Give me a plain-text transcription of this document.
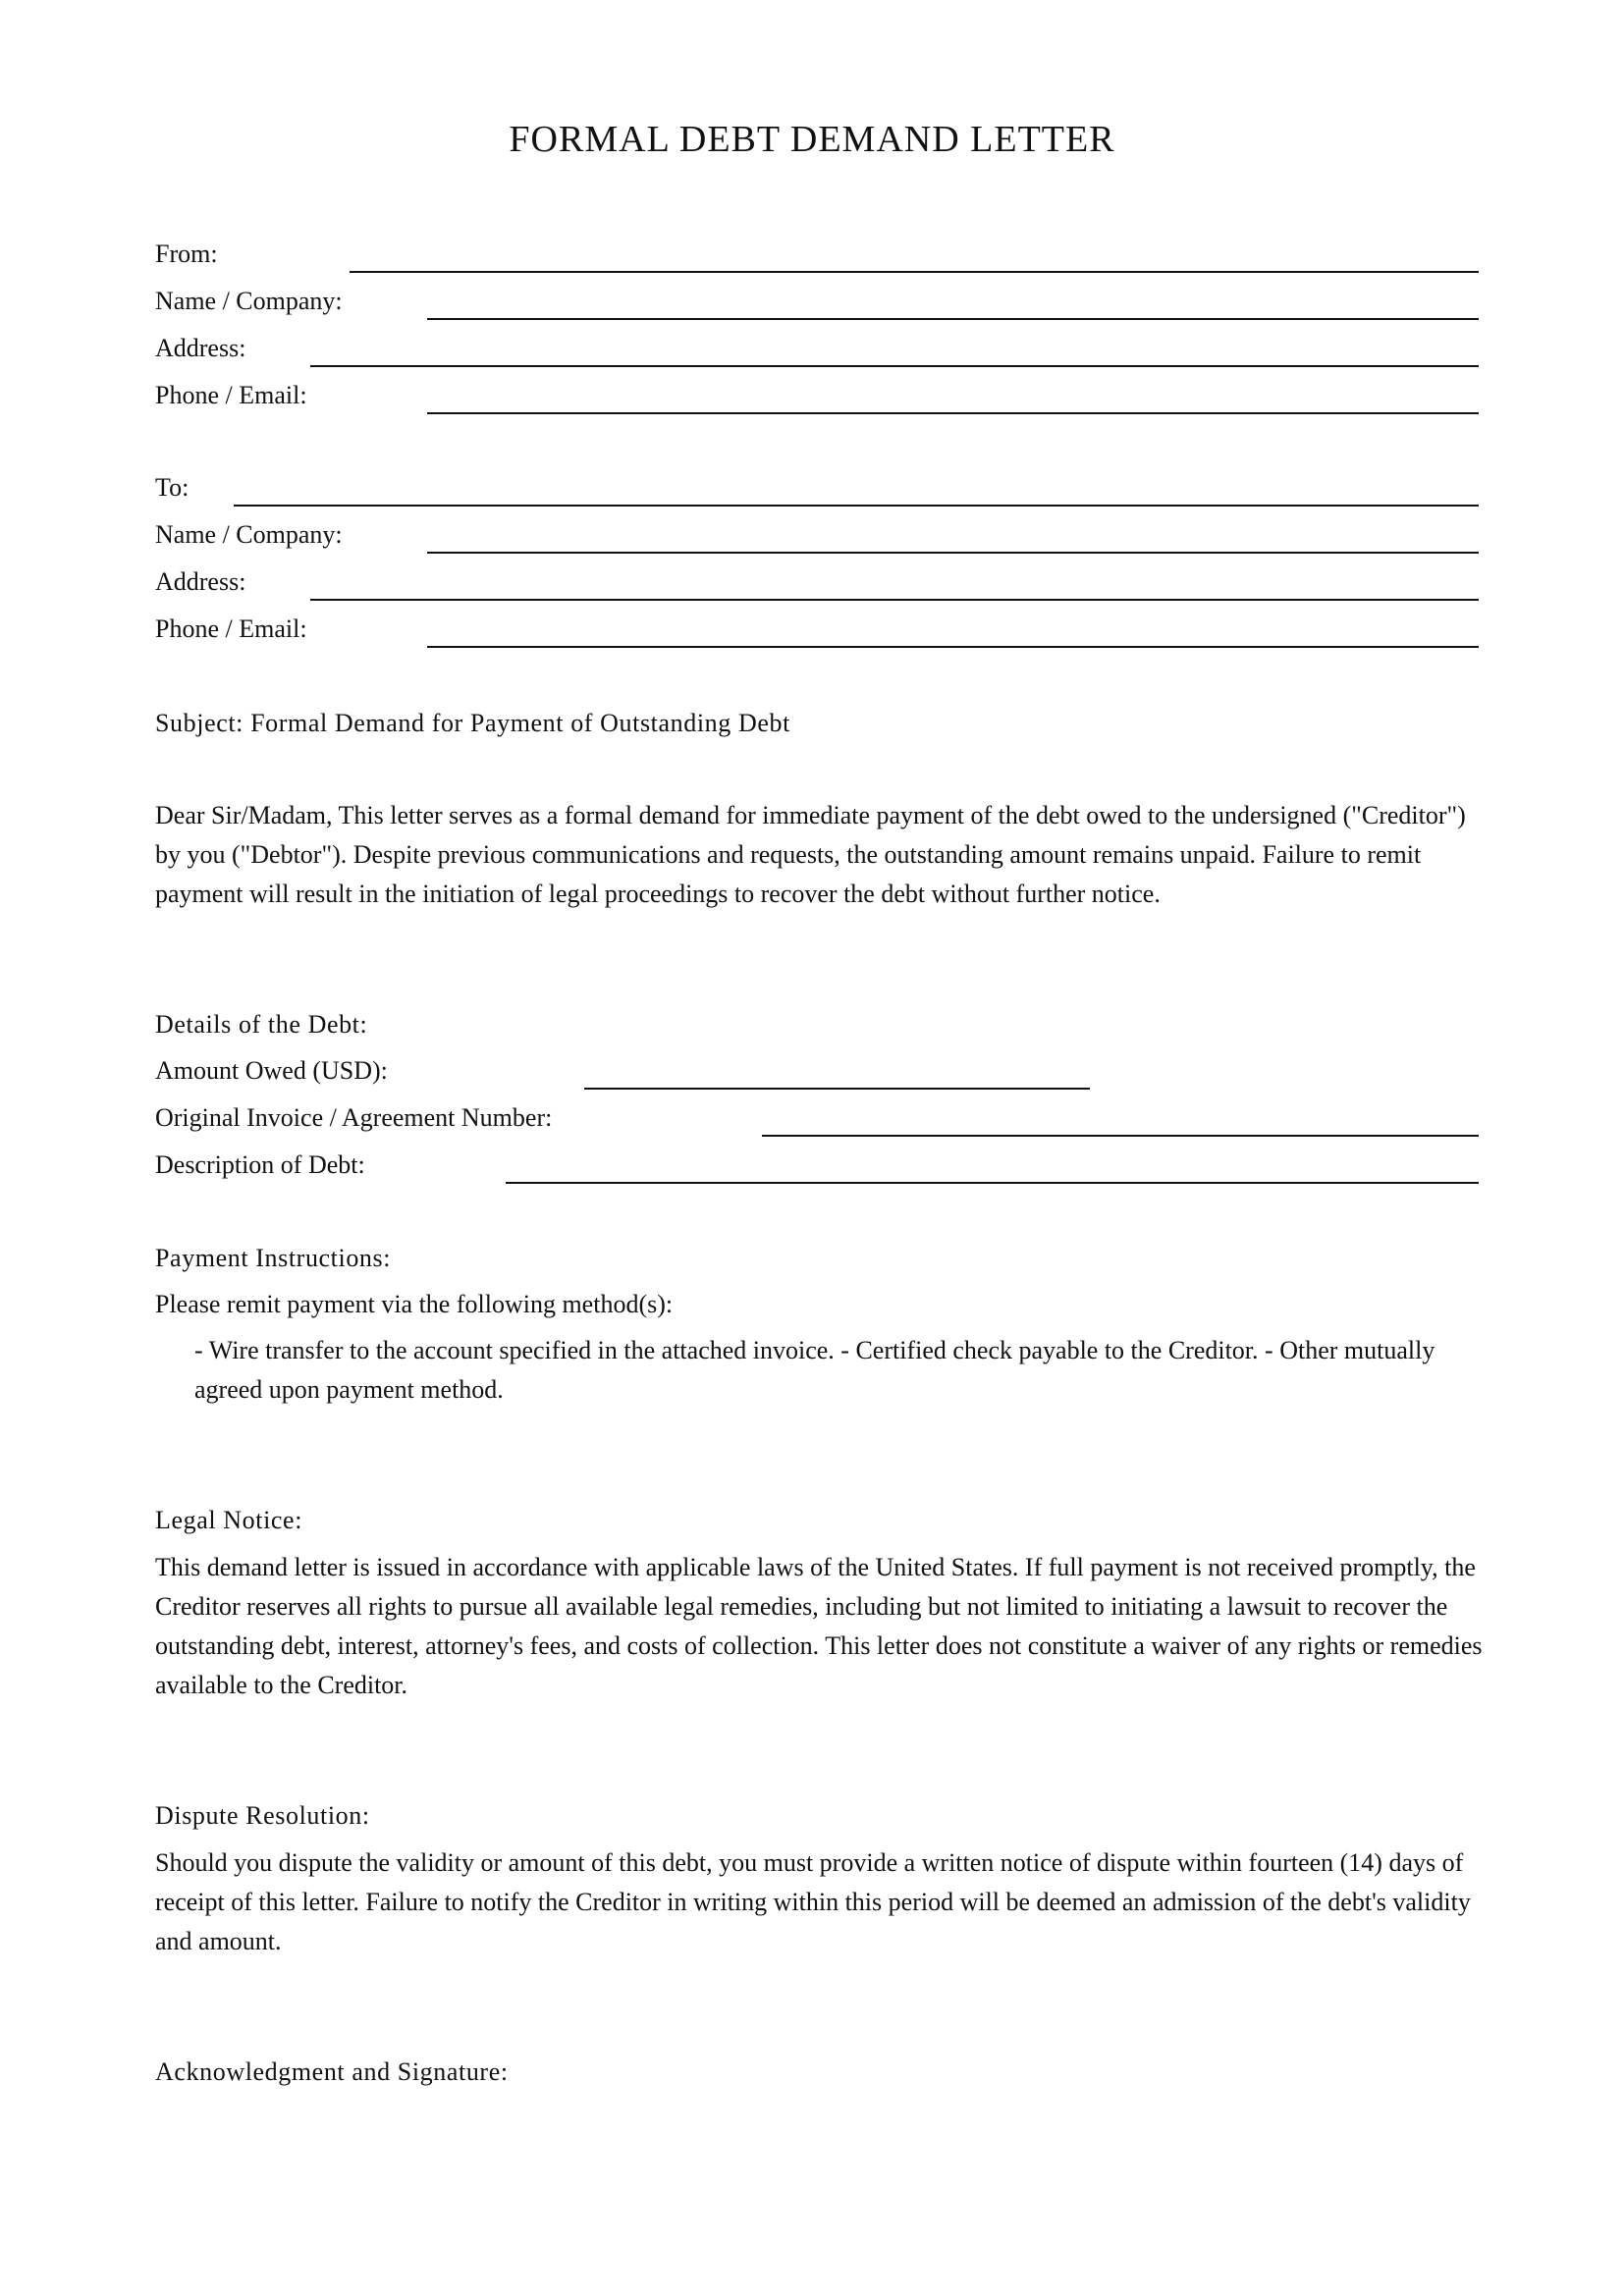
FORMAL DEBT DEMAND LETTER
From:
Name / Company:
Address:
Phone / Email:
To:
Name / Company:
Address:
Phone / Email:
Subject: Formal Demand for Payment of Outstanding Debt

Dear Sir/Madam, This letter serves as a formal demand for immediate payment of the debt owed to the undersigned ("Creditor") by you ("Debtor"). Despite previous communications and requests, the outstanding amount remains unpaid. Failure to remit payment will result in the initiation of legal proceedings to recover the debt without further notice.

Details of the Debt:
Amount Owed (USD):
Original Invoice / Agreement Number:
Description of Debt:
Payment Instructions:
Please remit payment via the following method(s):

- Wire transfer to the account specified in the attached invoice. - Certified check payable to the Creditor. - Other mutually agreed upon payment method.

Legal Notice:

This demand letter is issued in accordance with applicable laws of the United States. If full payment is not received promptly, the Creditor reserves all rights to pursue all available legal remedies, including but not limited to initiating a lawsuit to recover the outstanding debt, interest, attorney's fees, and costs of collection. This letter does not constitute a waiver of any rights or remedies available to the Creditor.

Dispute Resolution:

Should you dispute the validity or amount of this debt, you must provide a written notice of dispute within fourteen (14) days of receipt of this letter. Failure to notify the Creditor in writing within this period will be deemed an admission of the debt's validity and amount.

Acknowledgment and Signature:
